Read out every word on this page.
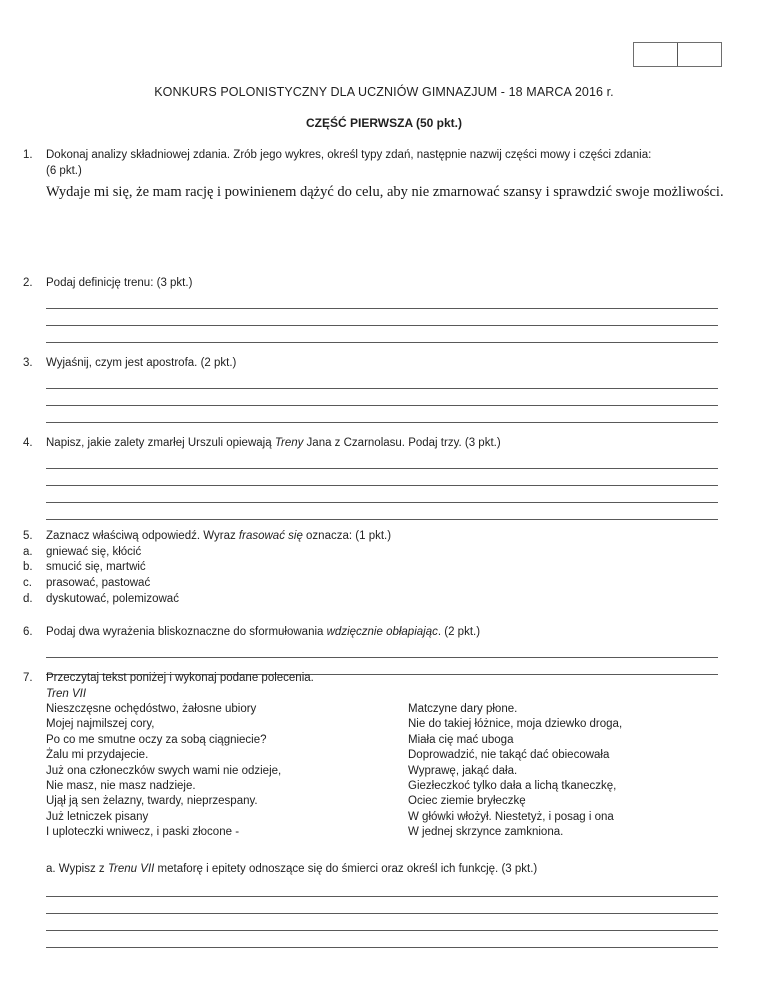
KONKURS POLONISTYCZNY DLA UCZNIÓW GIMNAZJUM - 18 MARCA 2016 r.
CZĘŚĆ PIERWSZA (50 pkt.)
1.	Dokonaj analizy składniowej zdania. Zrób jego wykres, określ typy zdań, następnie nazwij części mowy i części zdania:
(6 pkt.)
Wydaje mi się, że mam rację i powinienem dążyć do celu, aby nie zmarnować szansy i sprawdzić swoje możliwości.
2.	Podaj definicję trenu: (3 pkt.)
3.	Wyjaśnij, czym jest apostrofa. (2 pkt.)
4.	Napisz, jakie zalety zmarłej Urszuli opiewają Treny Jana z Czarnolasu. Podaj trzy. (3 pkt.)
5.	Zaznacz właściwą odpowiedź. Wyraz frasować się oznacza: (1 pkt.)
a.	gniewać się, kłócić
b.	smucić się, martwić
c.	prasować, pastować
d.	dyskutować, polemizować
6.	Podaj dwa wyrażenia bliskoznaczne do sformułowania wdzięcznie obłapiając. (2 pkt.)
7.	Przeczytaj tekst poniżej i wykonaj podane polecenia.
Tren VII
Nieszczęsne ochędóstwo, żałosne ubiory
Mojej najmilszej cory,
Po co me smutne oczy za sobą ciągniecie?
Żalu mi przydajecie.
Już ona członeczków swych wami nie odzieje,
Nie masz, nie masz nadzieje.
Ujął ją sen żelazny, twardy, nieprzespany.
Już letniczek pisany
I uploteczki wniwecz, i paski złocone -
Matczyne dary płone.
Nie do takiej łóżnice, moja dziewko droga,
Miała cię mać uboga
Doprowadzić, nie takąć dać obiecowała
Wyprawę, jakąć dała.
Giezłeczkoć tylko dała a lichą tkaneczkę,
Ociec ziemie bryłeczkę
W główki włożył. Niestetyż, i posag i ona
W jednej skrzynce zamkniona.

a. Wypisz z Trenu VII metaforę i epitety odnoszące się do śmierci oraz określ ich funkcję. (3 pkt.)
